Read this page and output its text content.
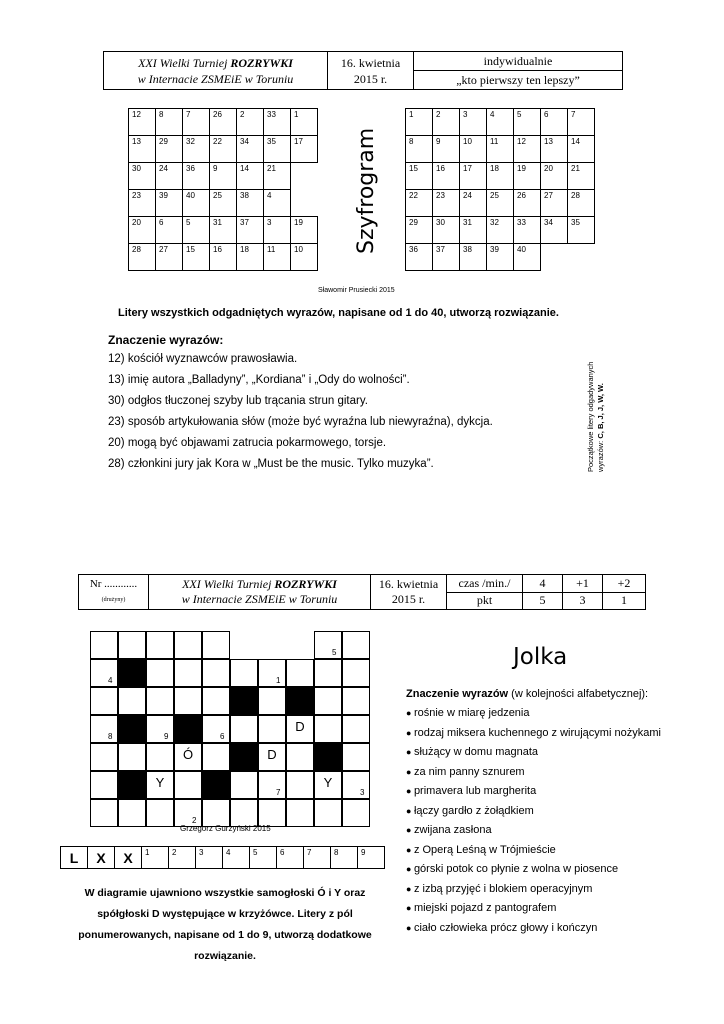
XXI Wielki Turniej ROZRYWKI
w Internacie ZSMEiE w Toruniu	16. kwietnia
2015 r.	indywidualnie
„kto pierwszy ten lepszy”
12	8	7	26	2	33	1
13	29	32	22	34	35	17
30	24	36	9	14	21	
23	39	40	25	38	4	
20	6	5	31	37	3	19
28	27	15	16	18	11	10
1	2	3	4	5	6	7
8	9	10	11	12	13	14
15	16	17	18	19	20	21
22	23	24	25	26	27	28
29	30	31	32	33	34	35
36	37	38	39	40		
Szyfrogram
Sławomir Prusiecki 2015
Litery wszystkich odgadniętych wyrazów, napisane od 1 do 40, utworzą rozwiązanie.
Znaczenie wyrazów:
12) kościół wyznawców prawosławia.
13) imię autora „Balladyny”, „Kordiana” i „Ody do wolności”.
30) odgłos tłuczonej szyby lub trącania strun gitary.
23) sposób artykułowania słów (może być wyraźna lub niewyraźna), dykcja.
20) mogą być objawami zatrucia pokarmowego, torsje.
28) członkini jury jak Kora w „Must be the music. Tylko muzyka”.	Początkowe litery odgadywanych wyrazów: C, B, J, J, W, W.
Nr ............
(drużyny)	XXI Wielki Turniej ROZRYWKI
w Internacie ZSMEiE w Toruniu	16. kwietnia
2015 r.	czas /min./	4	+1	+2
			pkt	5	3	1
5
4	1
8	9	6
7	3
2
D
Ó	D
Y	Y
Jolka
Grzegorz Gurzyński 2015
L	X	X	1	2	3	4	5	6	7	8	9
W diagramie ujawniono wszystkie samogłoski Ó i Y oraz spółgłoski D występujące w krzyżówce. Litery z pól ponumerowanych, napisane od 1 do 9, utworzą dodatkowe rozwiązanie.
Znaczenie wyrazów (w kolejności alfabetycznej):
● rośnie w miarę jedzenia
● rodzaj miksera kuchennego z wirującymi nożykami
● służący w domu magnata
● za nim panny sznurem
● primavera lub margherita
● łączy gardło z żołądkiem
● zwijana zasłona
● z Operą Leśną w Trójmieście
● górski potok co płynie z wolna w piosence
● z izbą przyjęć i blokiem operacyjnym
● miejski pojazd z pantografem
● ciało człowieka prócz głowy i kończyn
